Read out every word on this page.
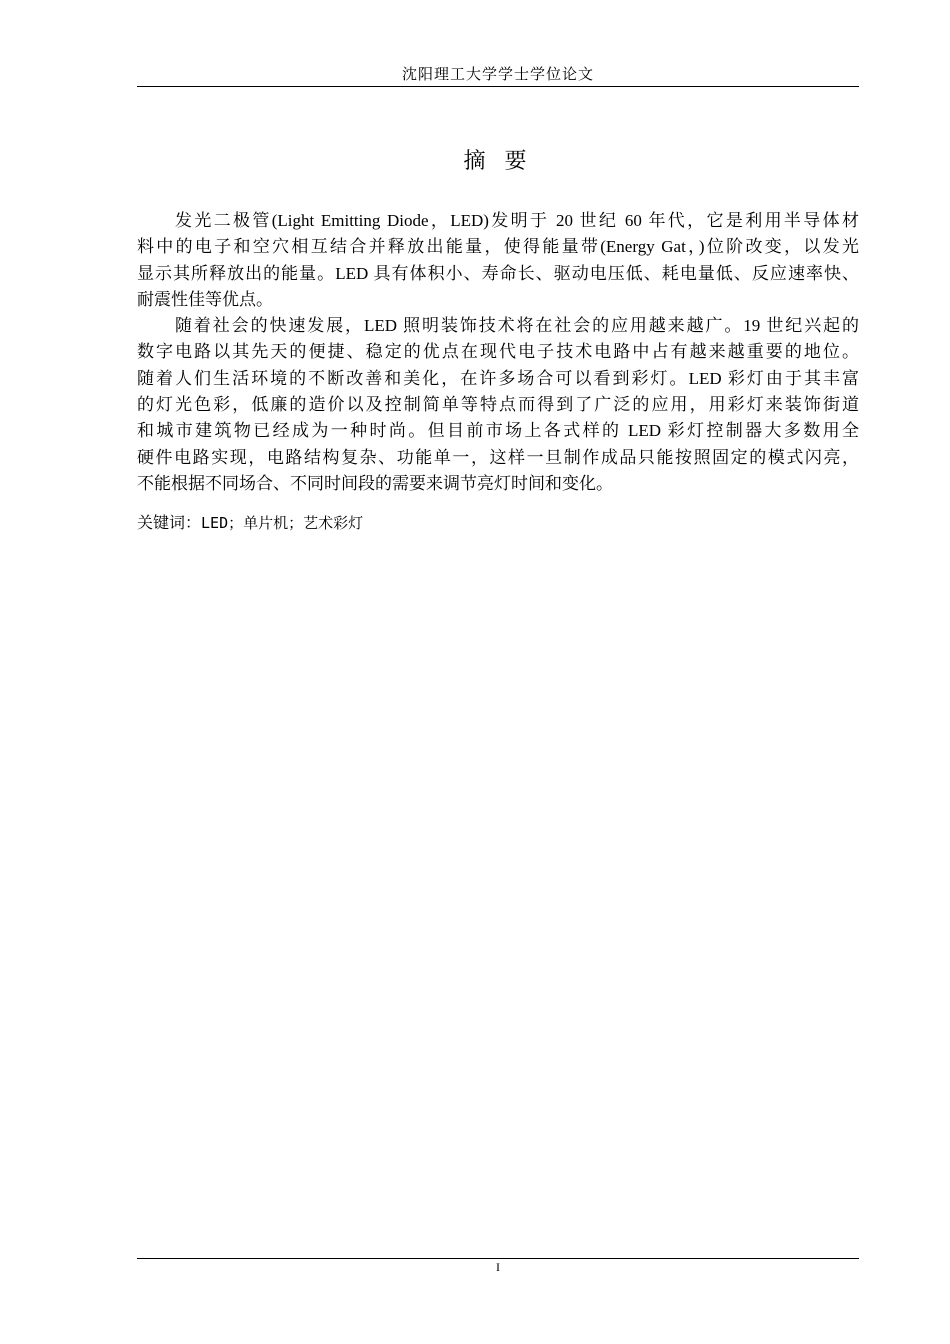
沈阳理工大学学士学位论文
摘 要

发光二极管(Light Emitting Diode，LED)发明于 20 世纪 60 年代，它是利用半导体材
料中的电子和空穴相互结合并释放出能量，使得能量带(Energy Gat，)位阶改变，以发光
显示其所释放出的能量。LED 具有体积小、寿命长、驱动电压低、耗电量低、反应速率快、
耐震性佳等优点。

随着社会的快速发展，LED 照明装饰技术将在社会的应用越来越广。19 世纪兴起的
数字电路以其先天的便捷、稳定的优点在现代电子技术电路中占有越来越重要的地位。
随着人们生活环境的不断改善和美化，在许多场合可以看到彩灯。LED 彩灯由于其丰富
的灯光色彩，低廉的造价以及控制简单等特点而得到了广泛的应用，用彩灯来装饰街道
和城市建筑物已经成为一种时尚。但目前市场上各式样的 LED 彩灯控制器大多数用全
硬件电路实现，电路结构复杂、功能单一，这样一旦制作成品只能按照固定的模式闪亮，
不能根据不同场合、不同时间段的需要来调节亮灯时间和变化。

关键词：LED；单片机；艺术彩灯
I
